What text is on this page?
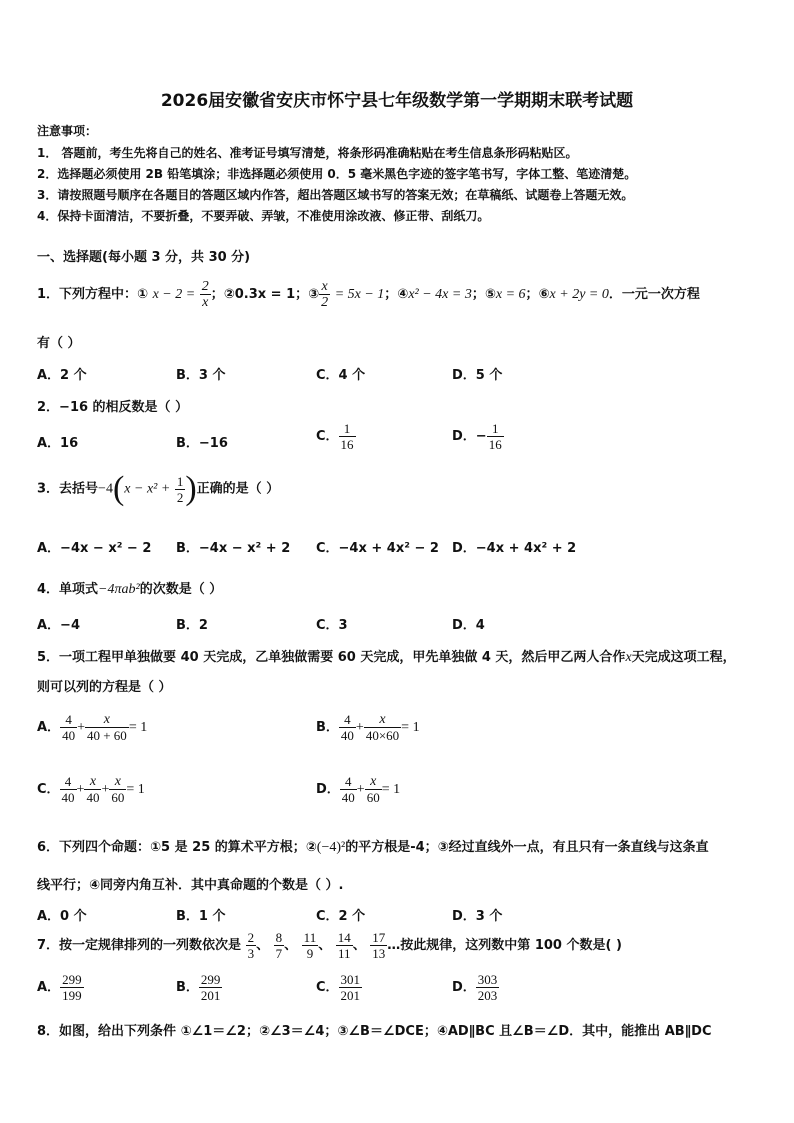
2026届安徽省安庆市怀宁县七年级数学第一学期期末联考试题
注意事项：
1． 答题前，考生先将自己的姓名、准考证号填写清楚，将条形码准确粘贴在考生信息条形码粘贴区。
2．选择题必须使用 2B 铅笔填涂；非选择题必须使用 0．5 毫米黑色字迹的签字笔书写，字体工整、笔迹清楚。
3．请按照题号顺序在各题目的答题区域内作答，超出答题区域书写的答案无效；在草稿纸、试题卷上答题无效。
4．保持卡面清洁，不要折叠，不要弄破、弄皱，不准使用涂改液、修正带、刮纸刀。
一、选择题(每小题 3 分，共 30 分)
1．下列方程中：① $x - 2 = \frac{2}{x}$ ；②0.3x = 1；③ $\frac{x}{2} = 5x - 1$；④x² − 4x = 3；⑤x = 6；⑥x + 2y = 0．一元一次方程
有（ ）
A．2 个	B．3 个	C．4 个	D．5 个
2．−16 的相反数是（ ）
A．16	B．−16	C． $\frac{1}{16}$	D．− $\frac{1}{16}$
3．去括号$-4(x - x^2 + \frac{1}{2}$ )正确的是（ ）
A．−4x − x² − 2 B．−4x − x² + 2 C．−4x + 4x² − 2 D．−4x + 4x² + 2
4．单项式−4πab²的次数是（ ）
A．−4	B．2	C．3	D．4
5．一项工程甲单独做要 40 天完成，乙单独做需要 60 天完成，甲先单独做 4 天，然后甲乙两人合作x天完成这项工程，
则可以列的方程是（ ）
A． $\frac{4}{40} + \frac{x}{40 + 60} = 1$	B． $\frac{4}{40} + \frac{x}{40\times 60} = 1$
C． $\frac{4}{40} + \frac{x}{40} + \frac{x}{60} = 1$	D． $\frac{4}{40} + \frac{x}{60} = 1$
6．下列四个命题：①5 是 25 的算术平方根；②(−4)²的平方根是-4；③经过直线外一点，有且只有一条直线与这条直
线平行；④同旁内角互补．其中真命题的个数是（ ）.
A．0 个	B．1 个	C．2 个	D．3 个
7．按一定规律排列的一列数依次是 $\frac{2}{3}$ 、 $\frac{8}{7}$ 、 $\frac{11}{9}$ 、 $\frac{14}{11}$ 、 $\frac{17}{13}$ …按此规律，这列数中第 100 个数是( )
A． $\frac{299}{199}$	B． $\frac{299}{201}$	C． $\frac{301}{201}$	D． $\frac{303}{203}$
8．如图，给出下列条件 ①∠1＝∠2；②∠3＝∠4；③∠B＝∠DCE；④AD∥BC 且∠B＝∠D．其中，能推出 AB∥DC
